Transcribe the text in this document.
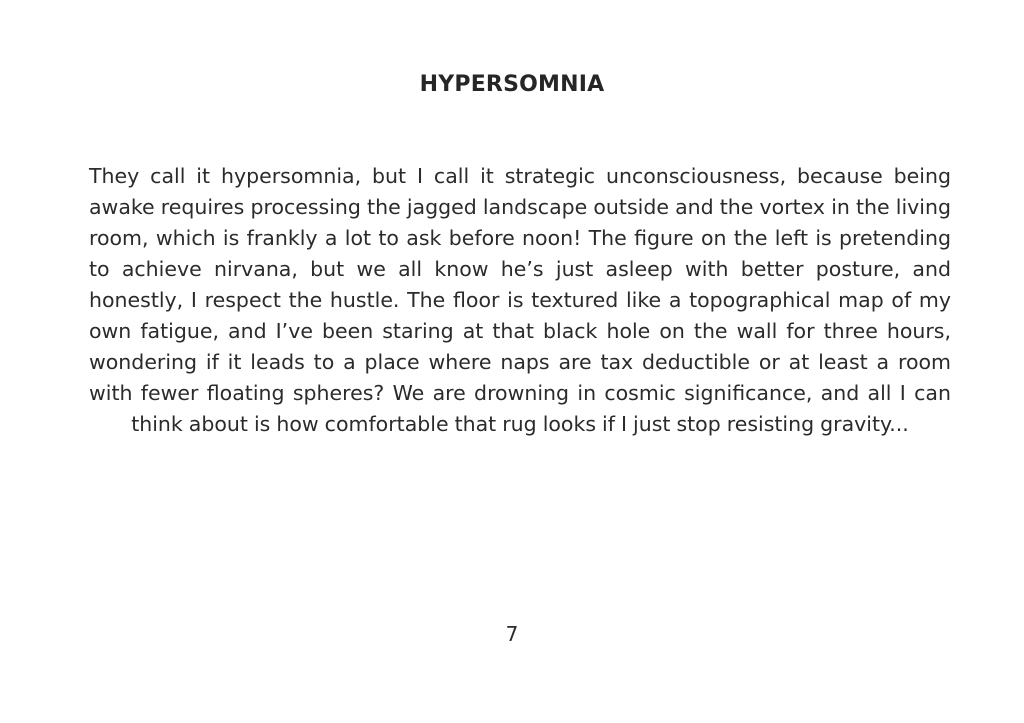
HYPERSOMNIA

They call it hypersomnia, but I call it strategic unconsciousness, because being awake requires processing the jagged landscape outside and the vortex in the living room, which is frankly a lot to ask before noon! The figure on the left is pretending to achieve nirvana, but we all know he’s just asleep with better posture, and honestly, I respect the hustle. The floor is textured like a topographical map of my own fatigue, and I’ve been staring at that black hole on the wall for three hours, wondering if it leads to a place where naps are tax deductible or at least a room with fewer floating spheres? We are drowning in cosmic significance, and all I can think about is how comfortable that rug looks if I just stop resisting gravity...

7
